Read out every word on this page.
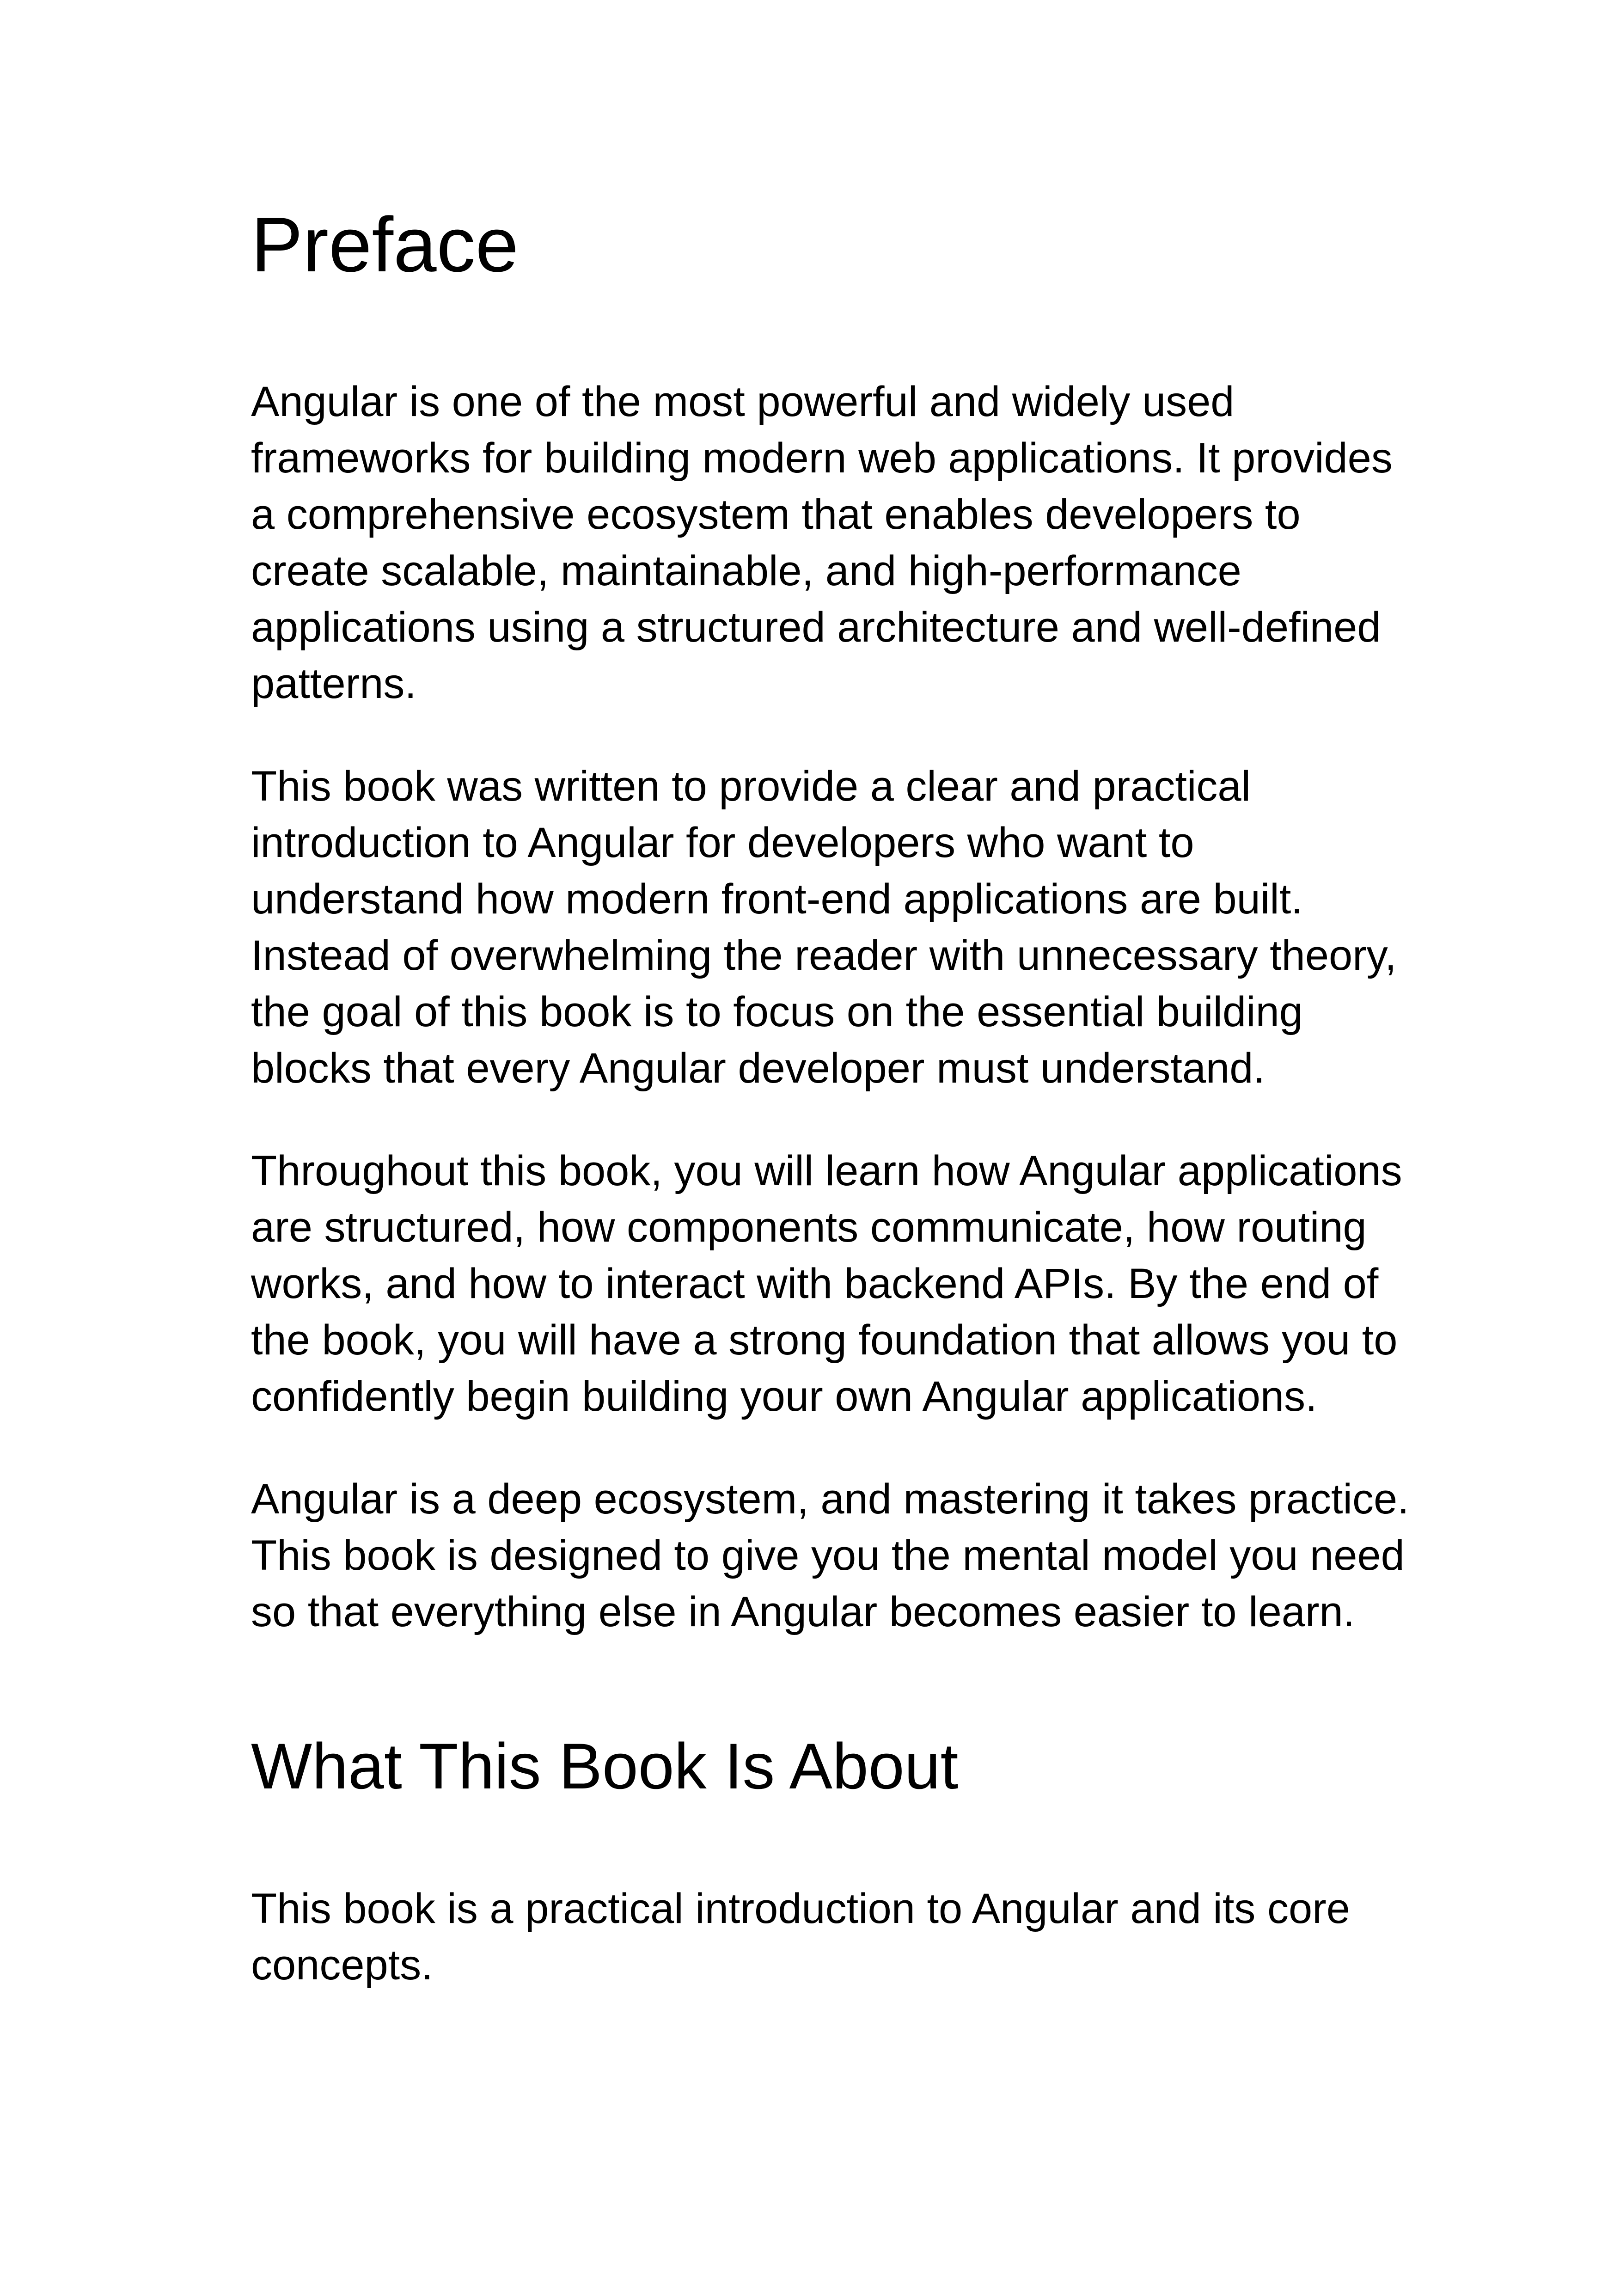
Preface

Angular is one of the most powerful and widely used frameworks for building modern web applications. It provides a comprehensive ecosystem that enables developers to create scalable, maintainable, and high-performance applications using a structured architecture and well-defined patterns.

This book was written to provide a clear and practical introduction to Angular for developers who want to understand how modern front-end applications are built. Instead of overwhelming the reader with unnecessary theory, the goal of this book is to focus on the essential building blocks that every Angular developer must understand.

Throughout this book, you will learn how Angular applications are structured, how components communicate, how routing works, and how to interact with backend APIs. By the end of the book, you will have a strong foundation that allows you to confidently begin building your own Angular applications.

Angular is a deep ecosystem, and mastering it takes practice. This book is designed to give you the mental model you need so that everything else in Angular becomes easier to learn.

What This Book Is About

This book is a practical introduction to Angular and its core concepts.
